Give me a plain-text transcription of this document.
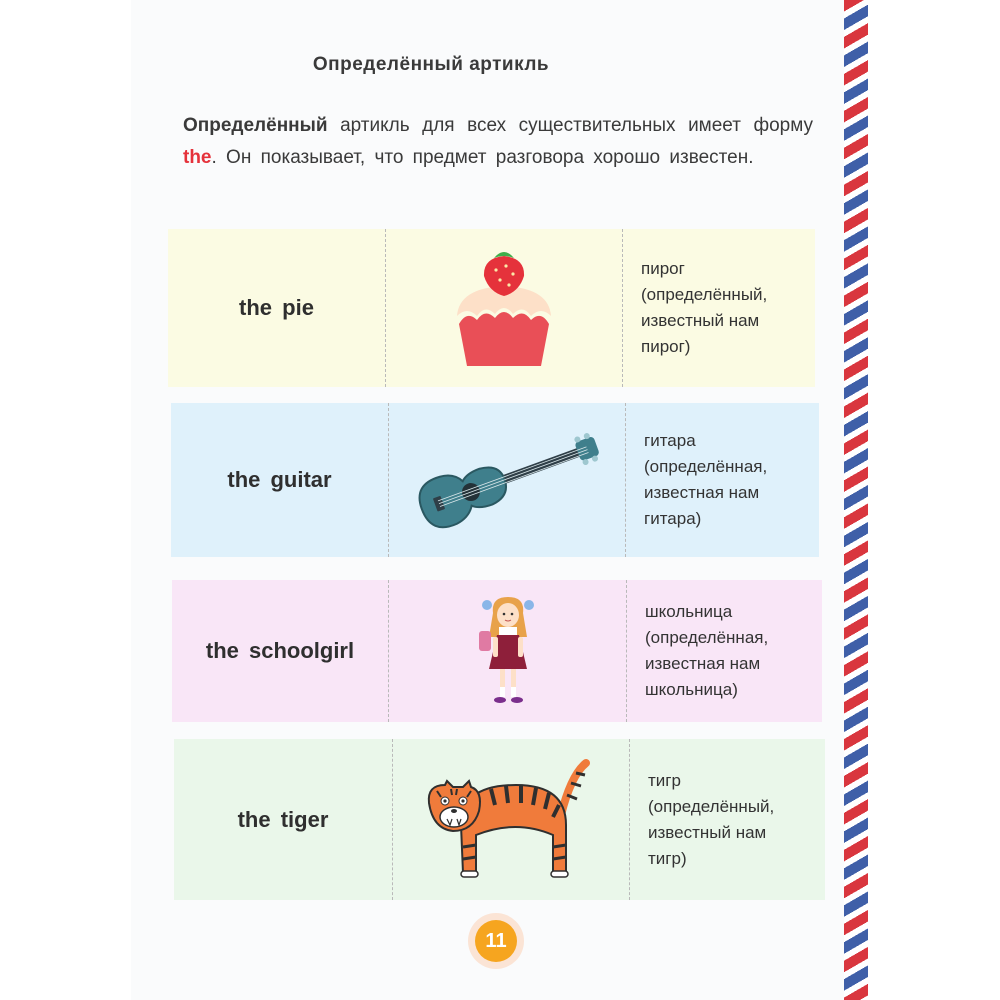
Определённый артикль
Определённый артикль для всех существительных имеет форму the. Он показывает, что предмет разговора хорошо известен.
the pie
пирог
(определённый,
известный нам
пирог)
the guitar
гитара
(определённая,
известная нам
гитара)
the schoolgirl
школьница
(определённая,
известная нам
школьница)
the tiger
тигр
(определённый,
известный нам
тигр)
11
